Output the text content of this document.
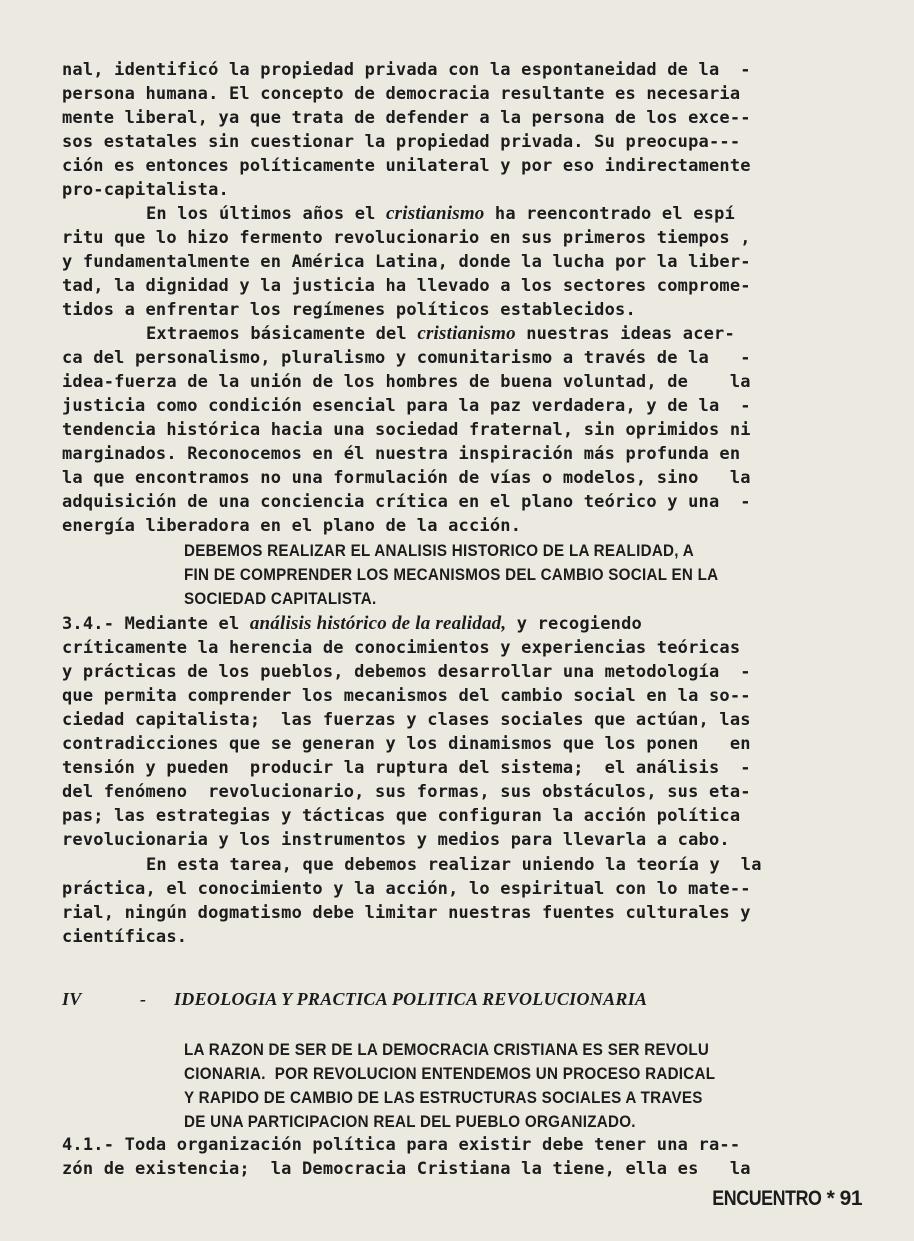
nal, identificó la propiedad privada con la espontaneidad de la  -
persona humana. El concepto de democracia resultante es necesaria
mente liberal, ya que trata de defender a la persona de los exce--
sos estatales sin cuestionar la propiedad privada. Su preocupa---
ción es entonces políticamente unilateral y por eso indirectamente
pro-capitalista.
En los últimos años el cristianismo ha reencontrado el espí
ritu que lo hizo fermento revolucionario en sus primeros tiempos ,
y fundamentalmente en América Latina, donde la lucha por la liber-
tad, la dignidad y la justicia ha llevado a los sectores comprome-
tidos a enfrentar los regímenes políticos establecidos.
Extraemos básicamente del cristianismo nuestras ideas acer-
ca del personalismo, pluralismo y comunitarismo a través de la   -
idea-fuerza de la unión de los hombres de buena voluntad, de    la
justicia como condición esencial para la paz verdadera, y de la  -
tendencia histórica hacia una sociedad fraternal, sin oprimidos ni
marginados. Reconocemos en él nuestra inspiración más profunda en
la que encontramos no una formulación de vías o modelos, sino   la
adquisición de una conciencia crítica en el plano teórico y una  -
energía liberadora en el plano de la acción.
DEBEMOS REALIZAR EL ANALISIS HISTORICO DE LA REALIDAD, A
FIN DE COMPRENDER LOS MECANISMOS DEL CAMBIO SOCIAL EN LA
SOCIEDAD CAPITALISTA.
3.4.- Mediante el análisis histórico de la realidad, y recogiendo
críticamente la herencia de conocimientos y experiencias teóricas
y prácticas de los pueblos, debemos desarrollar una metodología  -
que permita comprender los mecanismos del cambio social en la so--
ciedad capitalista;  las fuerzas y clases sociales que actúan, las
contradicciones que se generan y los dinamismos que los ponen   en
tensión y pueden  producir la ruptura del sistema;  el análisis  -
del fenómeno  revolucionario, sus formas, sus obstáculos, sus eta-
pas; las estrategias y tácticas que configuran la acción política
revolucionaria y los instrumentos y medios para llevarla a cabo.
En esta tarea, que debemos realizar uniendo la teoría y  la
práctica, el conocimiento y la acción, lo espiritual con lo mate--
rial, ningún dogmatismo debe limitar nuestras fuentes culturales y
científicas.
IV	- IDEOLOGIA Y PRACTICA POLITICA REVOLUCIONARIA
LA RAZON DE SER DE LA DEMOCRACIA CRISTIANA ES SER REVOLU
CIONARIA.  POR REVOLUCION ENTENDEMOS UN PROCESO RADICAL
Y RAPIDO DE CAMBIO DE LAS ESTRUCTURAS SOCIALES A TRAVES
DE UNA PARTICIPACION REAL DEL PUEBLO ORGANIZADO.
4.1.- Toda organización política para existir debe tener una ra--
zón de existencia;  la Democracia Cristiana la tiene, ella es   la
ENCUENTRO * 91
